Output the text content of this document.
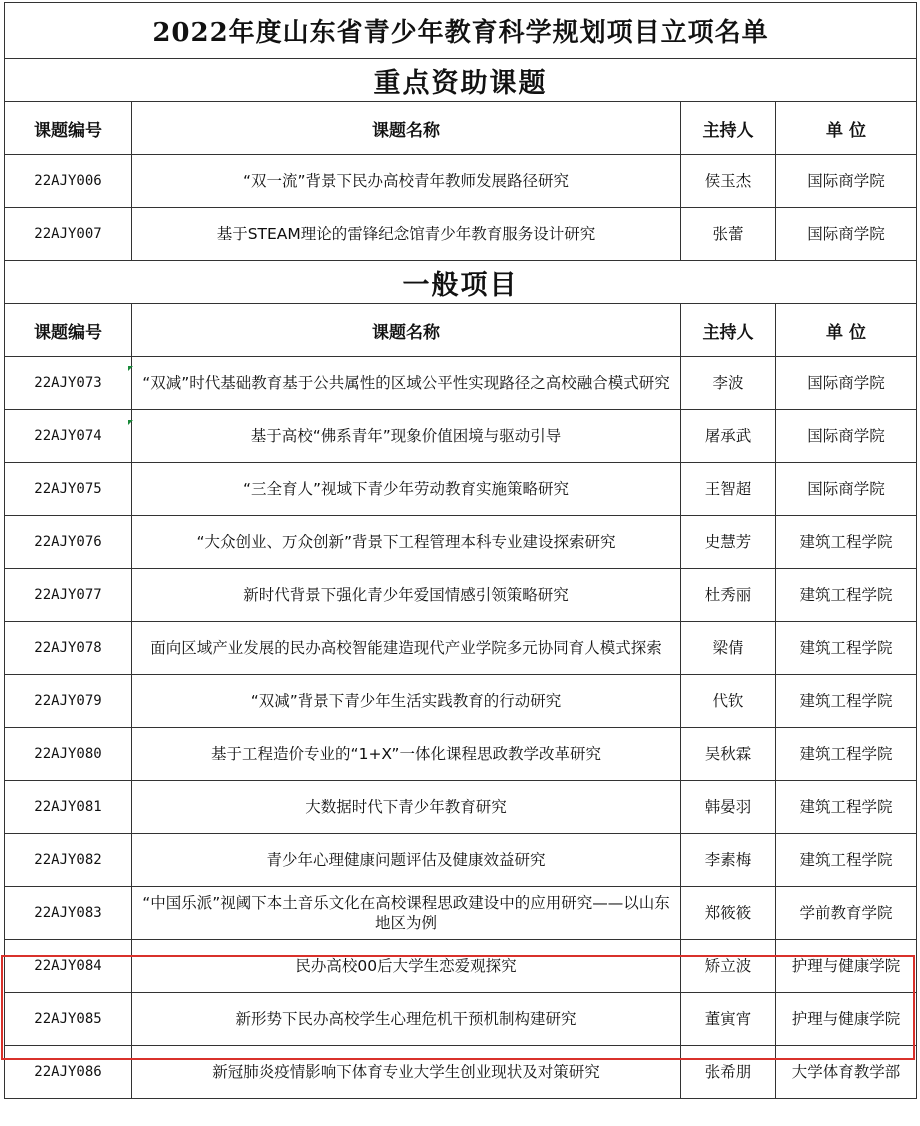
2022年度山东省青少年教育科学规划项目立项名单			
重点资助课题			
课题编号	课题名称	主持人	单 位
22AJY006	“双一流”背景下民办高校青年教师发展路径研究	侯玉杰	国际商学院
22AJY007	基于STEAM理论的雷锋纪念馆青少年教育服务设计研究	张蕾	国际商学院
一般项目			
课题编号	课题名称	主持人	单 位
22AJY073	“双减”时代基础教育基于公共属性的区域公平性实现路径之高校融合模式研究	李波	国际商学院
22AJY074	基于高校“佛系青年”现象价值困境与驱动引导	屠承武	国际商学院
22AJY075	“三全育人”视域下青少年劳动教育实施策略研究	王智超	国际商学院
22AJY076	“大众创业、万众创新”背景下工程管理本科专业建设探索研究	史慧芳	建筑工程学院
22AJY077	新时代背景下强化青少年爱国情感引领策略研究	杜秀丽	建筑工程学院
22AJY078	面向区域产业发展的民办高校智能建造现代产业学院多元协同育人模式探索	梁倩	建筑工程学院
22AJY079	“双减”背景下青少年生活实践教育的行动研究	代钦	建筑工程学院
22AJY080	基于工程造价专业的“1+X”一体化课程思政教学改革研究	吴秋霖	建筑工程学院
22AJY081	大数据时代下青少年教育研究	韩晏羽	建筑工程学院
22AJY082	青少年心理健康问题评估及健康效益研究	李素梅	建筑工程学院
22AJY083	“中国乐派”视阈下本土音乐文化在高校课程思政建设中的应用研究——以山东地区为例	郑筱筱	学前教育学院
22AJY084	民办高校00后大学生恋爱观探究	矫立波	护理与健康学院
22AJY085	新形势下民办高校学生心理危机干预机制构建研究	董寅宵	护理与健康学院
22AJY086	新冠肺炎疫情影响下体育专业大学生创业现状及对策研究	张希朋	大学体育教学部
